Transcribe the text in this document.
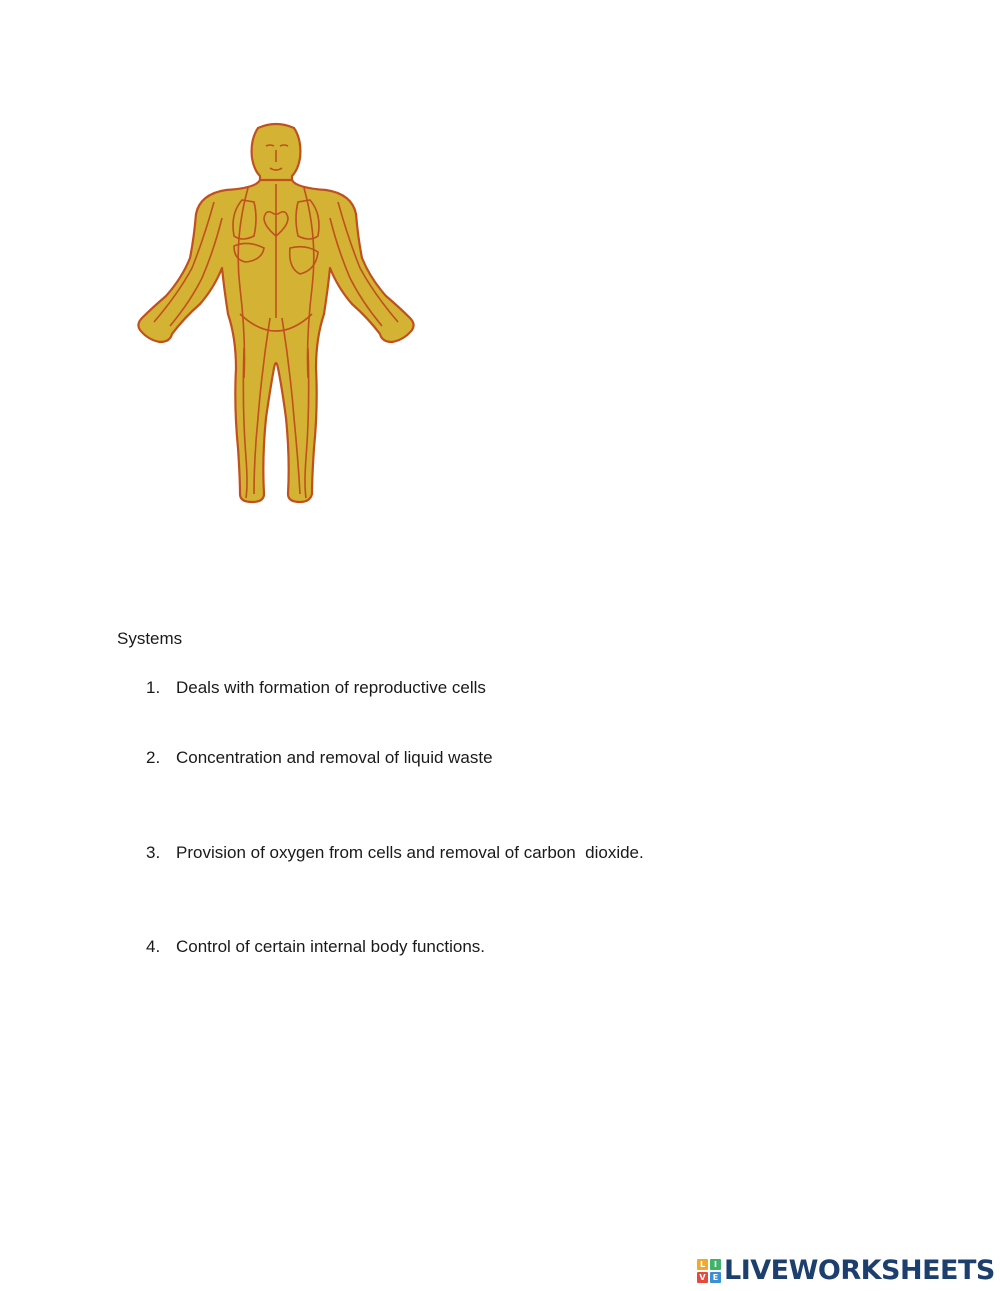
Systems
1. Deals with formation of reproductive cells
2. Concentration and removal of liquid waste
3. Provision of oxygen from cells and removal of carbon  dioxide.
4. Control of certain internal body functions.
L	I
V E LIVEWORKSHEETS
